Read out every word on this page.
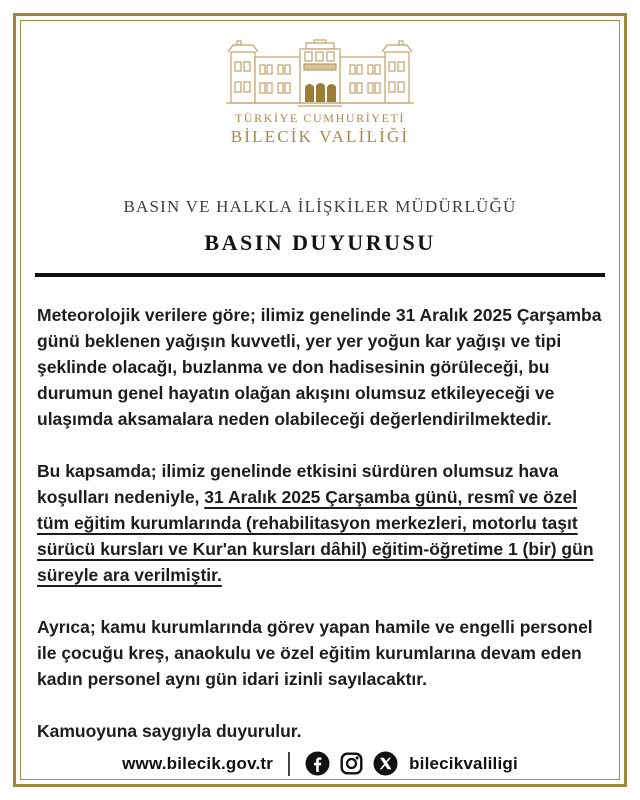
TÜRKİYE CUMHURİYETİ
BİLECİK VALİLİĞİ
BASIN VE HALKLA İLİŞKİLER MÜDÜRLÜĞÜ
BASIN DUYURUSU

Meteorolojik verilere göre; ilimiz genelinde 31 Aralık 2025 Çarşamba günü beklenen yağışın kuvvetli, yer yer yoğun kar yağışı ve tipi şeklinde olacağı, buzlanma ve don hadisesinin görüleceği, bu durumun genel hayatın olağan akışını olumsuz etkileyeceği ve ulaşımda aksamalara neden olabileceği değerlendirilmektedir.

Bu kapsamda; ilimiz genelinde etkisini sürdüren olumsuz hava koşulları nedeniyle, 31 Aralık 2025 Çarşamba günü, resmî ve özel tüm eğitim kurumlarında (rehabilitasyon merkezleri, motorlu taşıt sürücü kursları ve Kur'an kursları dâhil) eğitim-öğretime 1 (bir) gün süreyle ara verilmiştir.

Ayrıca; kamu kurumlarında görev yapan hamile ve engelli personel ile çocuğu kreş, anaokulu ve özel eğitim kurumlarına devam eden kadın personel aynı gün idari izinli sayılacaktır.

Kamuoyuna saygıyla duyurulur.

www.bilecik.gov.tr	bilecikvaliligi
